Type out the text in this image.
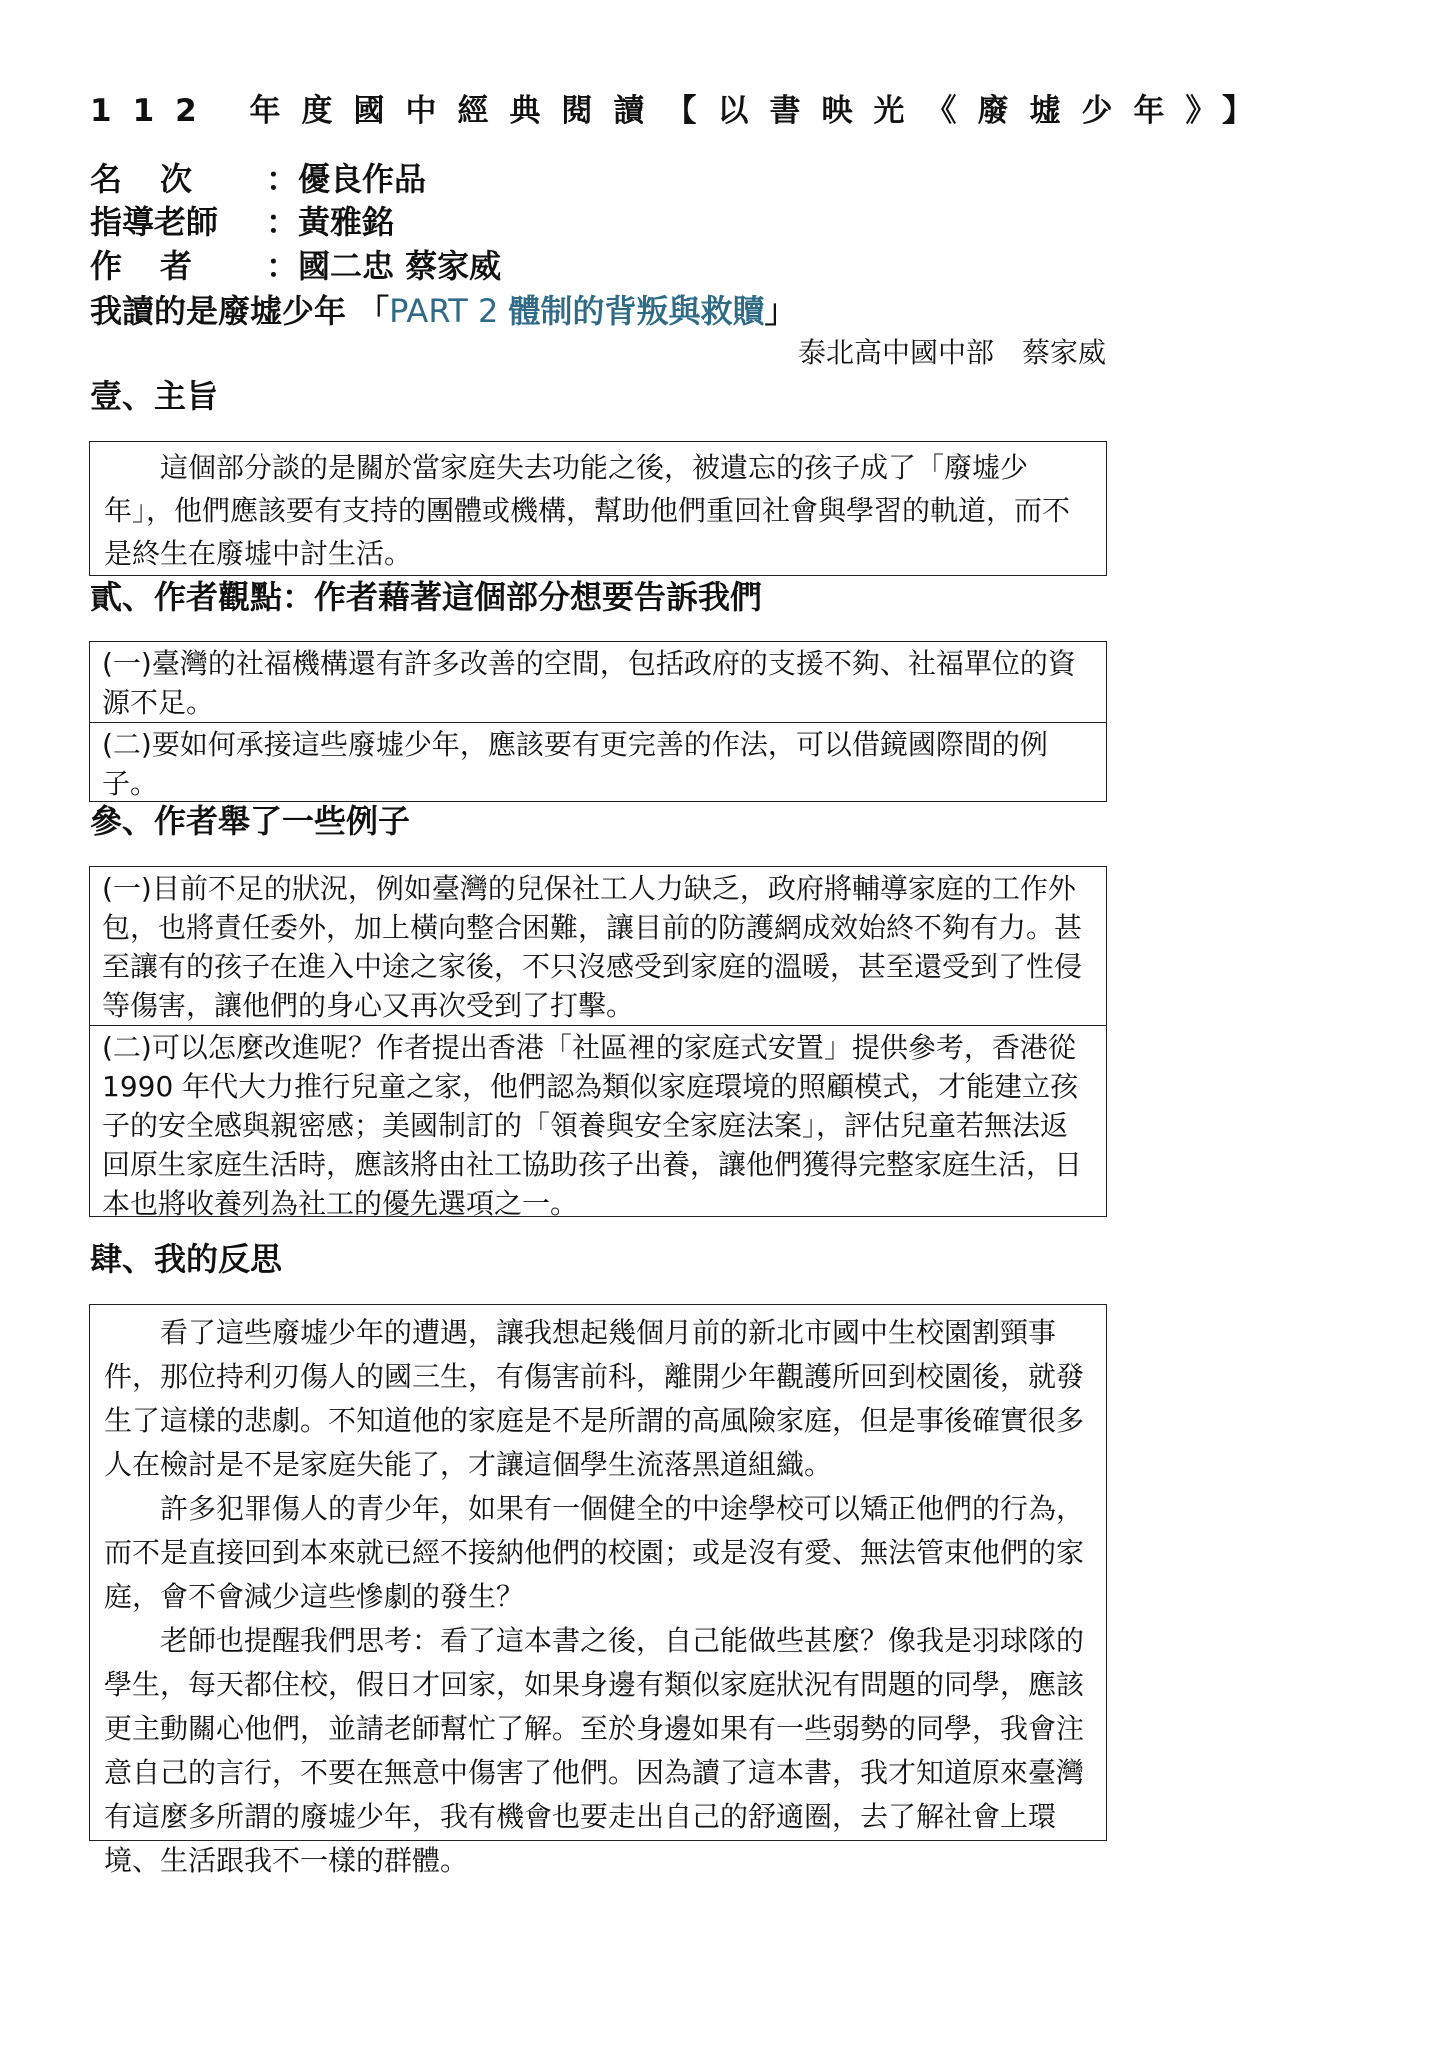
112 年度國中經典閱讀【以書映光《廢墟少年》】
名次 ：優良作品
指導老師 ：黃雅銘
作者 ：國二忠 蔡家威
我讀的是廢墟少年 「PART 2 體制的背叛與救贖」
泰北高中國中部　蔡家威
壹、主旨

這個部分談的是關於當家庭失去功能之後，被遺忘的孩子成了「廢墟少年」，他們應該要有支持的團體或機構，幫助他們重回社會與學習的軌道，而不是終生在廢墟中討生活。

貳、作者觀點：作者藉著這個部分想要告訴我們
(一)臺灣的社福機構還有許多改善的空間，包括政府的支援不夠、社福單位的資源不足。
(二)要如何承接這些廢墟少年，應該要有更完善的作法，可以借鏡國際間的例子。
參、作者舉了一些例子
(一)目前不足的狀況，例如臺灣的兒保社工人力缺乏，政府將輔導家庭的工作外包，也將責任委外，加上橫向整合困難，讓目前的防護網成效始終不夠有力。甚至讓有的孩子在進入中途之家後，不只沒感受到家庭的溫暖，甚至還受到了性侵等傷害，讓他們的身心又再次受到了打擊。
(二)可以怎麼改進呢？作者提出香港「社區裡的家庭式安置」提供參考，香港從 1990 年代大力推行兒童之家，他們認為類似家庭環境的照顧模式，才能建立孩子的安全感與親密感；美國制訂的「領養與安全家庭法案」，評估兒童若無法返回原生家庭生活時，應該將由社工協助孩子出養，讓他們獲得完整家庭生活，日本也將收養列為社工的優先選項之一。
肆、我的反思

看了這些廢墟少年的遭遇，讓我想起幾個月前的新北市國中生校園割頸事件，那位持利刃傷人的國三生，有傷害前科，離開少年觀護所回到校園後，就發生了這樣的悲劇。不知道他的家庭是不是所謂的高風險家庭，但是事後確實很多人在檢討是不是家庭失能了，才讓這個學生流落黑道組織。

許多犯罪傷人的青少年，如果有一個健全的中途學校可以矯正他們的行為，而不是直接回到本來就已經不接納他們的校園；或是沒有愛、無法管束他們的家庭，會不會減少這些慘劇的發生？

老師也提醒我們思考：看了這本書之後，自己能做些甚麼？像我是羽球隊的學生，每天都住校，假日才回家，如果身邊有類似家庭狀況有問題的同學，應該更主動關心他們，並請老師幫忙了解。至於身邊如果有一些弱勢的同學，我會注意自己的言行，不要在無意中傷害了他們。因為讀了這本書，我才知道原來臺灣有這麼多所謂的廢墟少年，我有機會也要走出自己的舒適圈，去了解社會上環境、生活跟我不一樣的群體。
